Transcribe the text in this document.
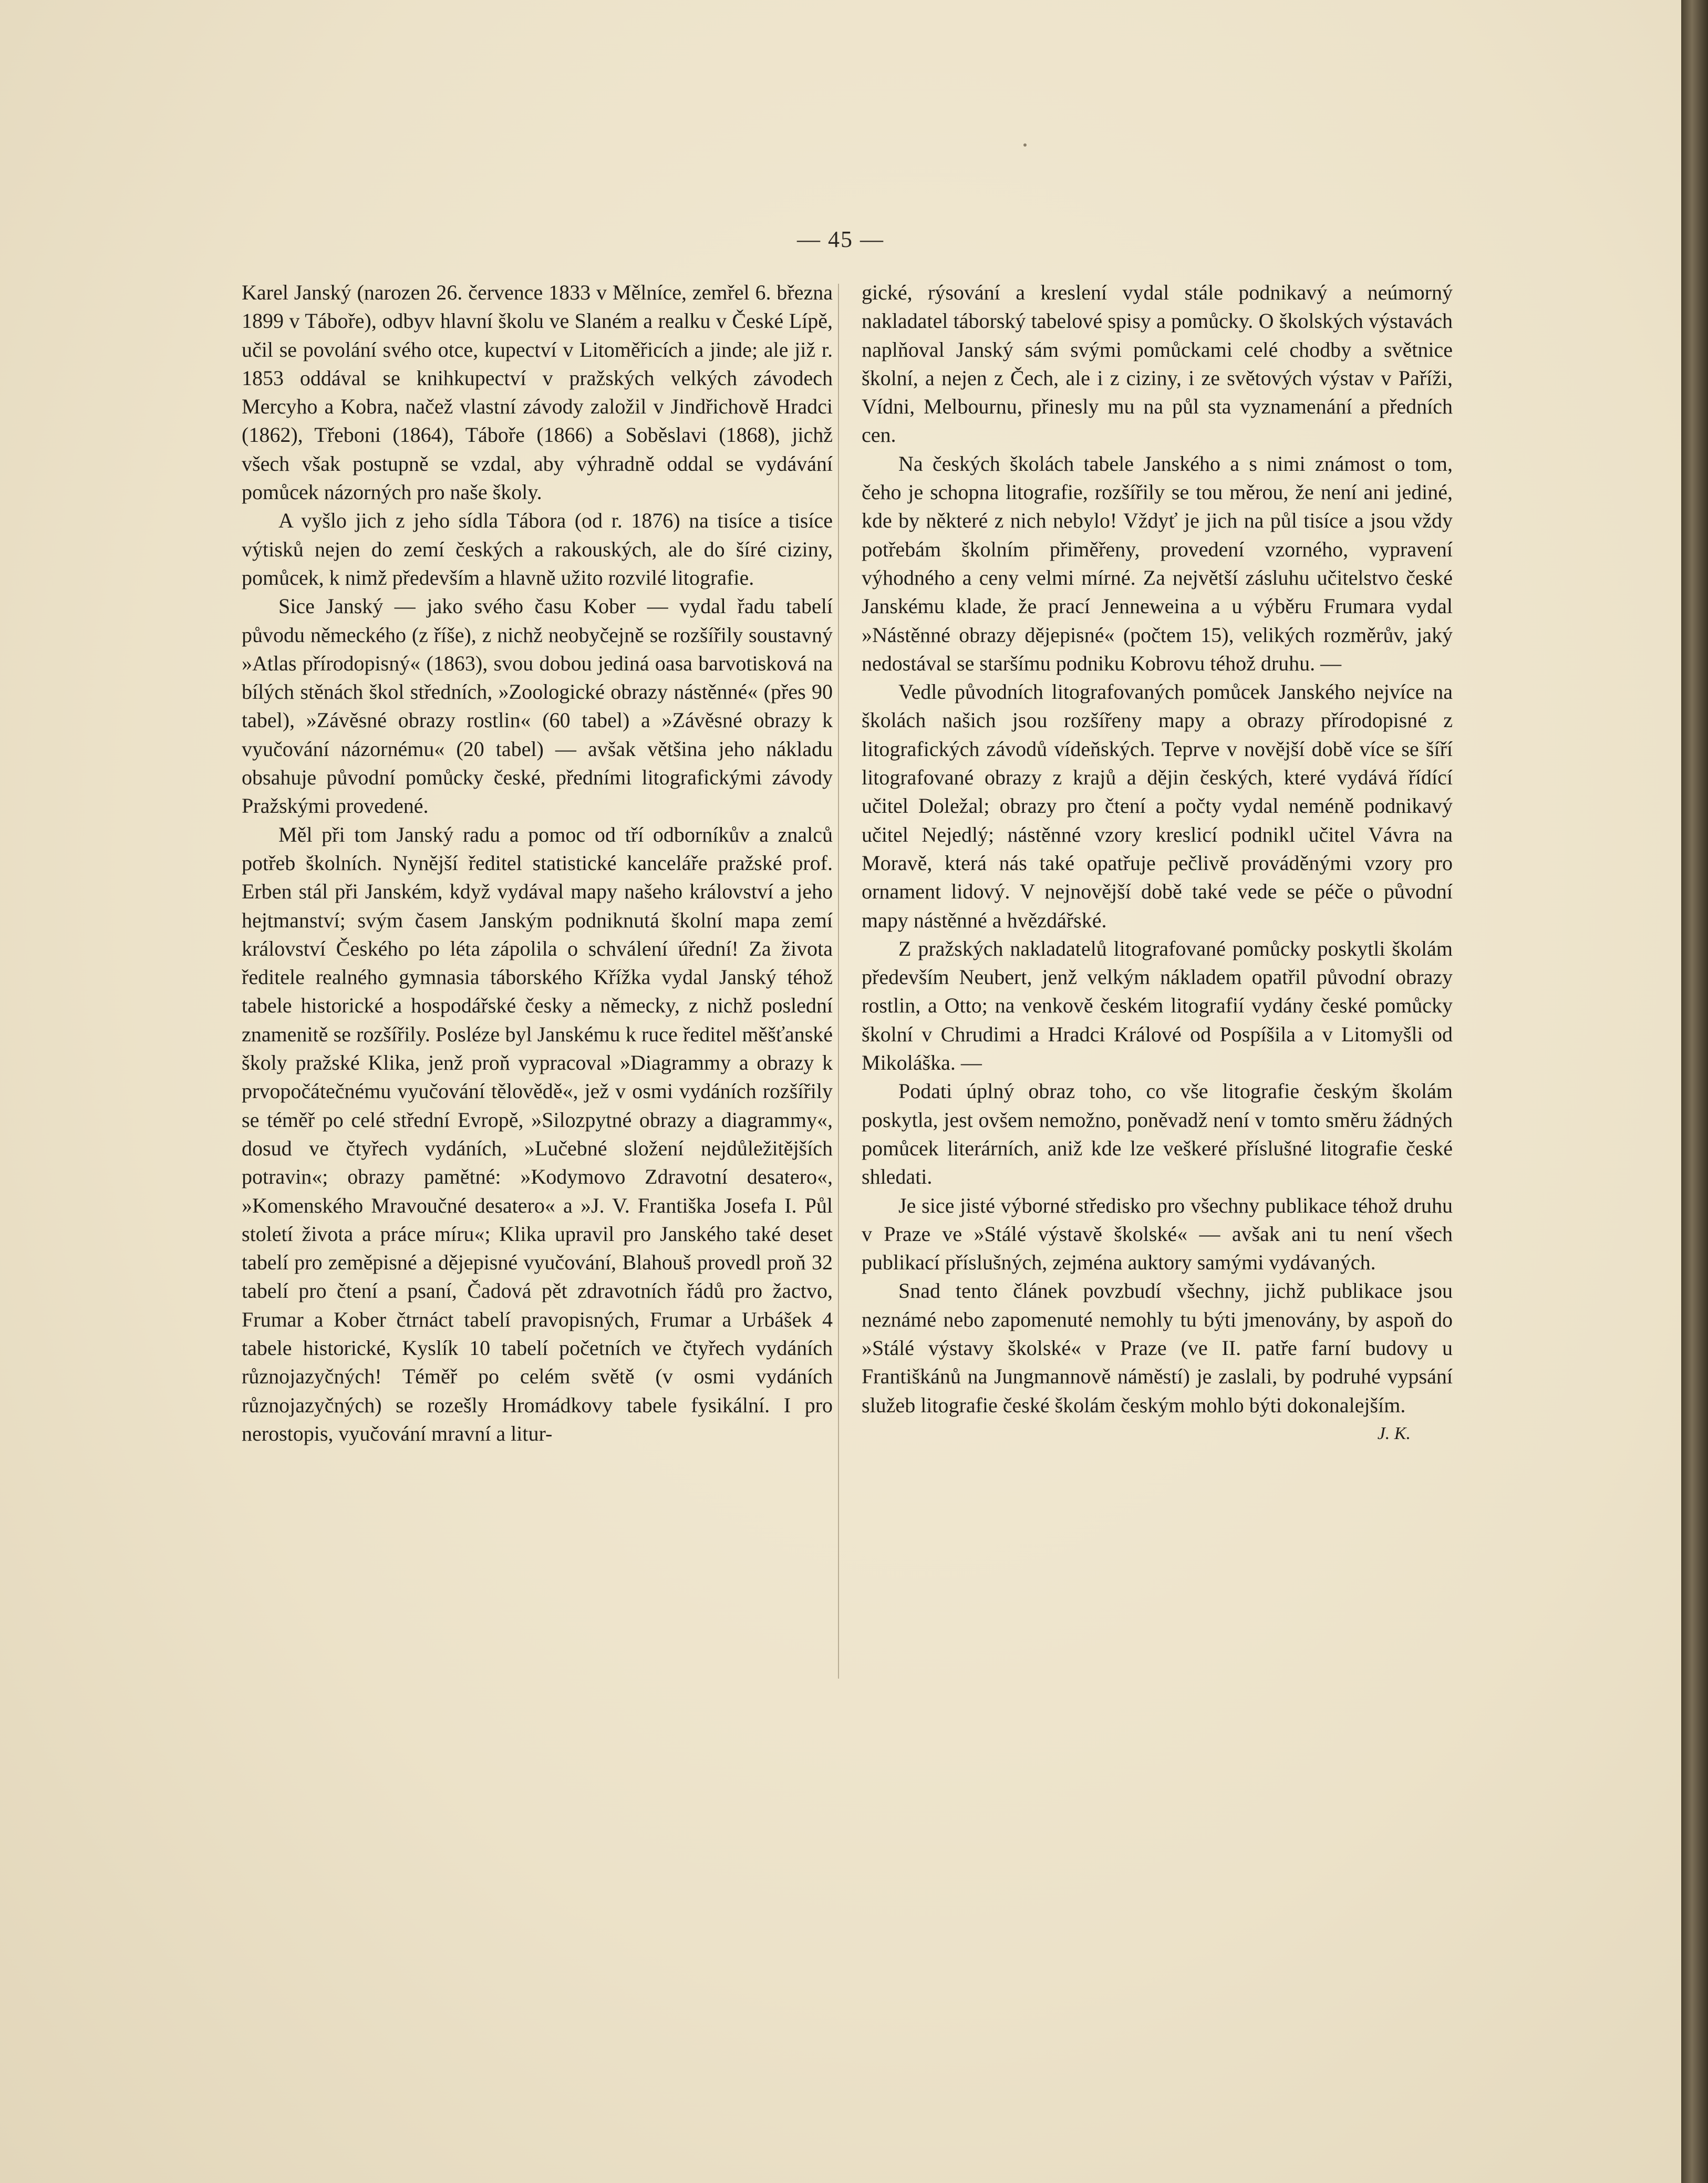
— 45 —

Karel Janský (narozen 26. července 1833 v Mělníce, zemřel 6. března 1899 v Táboře), odbyv hlavní školu ve Slaném a realku v České Lípě, učil se povolání svého otce, kupectví v Litoměřicích a jinde; ale již r. 1853 oddával se knihkupectví v pražských velkých závodech Mercyho a Kobra, načež vlastní závody založil v Jindřichově Hradci (1862), Třeboni (1864), Táboře (1866) a Soběslavi (1868), jichž všech však postupně se vzdal, aby výhradně oddal se vydávání pomůcek názorných pro naše školy.

A vyšlo jich z jeho sídla Tábora (od r. 1876) na tisíce a tisíce výtisků nejen do zemí českých a rakouských, ale do šíré ciziny, pomůcek, k nimž především a hlavně užito rozvilé litografie.

Sice Janský — jako svého času Kober — vydal řadu tabelí původu německého (z říše), z nichž neobyčejně se rozšířily soustavný »Atlas přírodopisný« (1863), svou dobou jediná oasa barvotisková na bílých stěnách škol středních, »Zoologické obrazy nástěnné« (přes 90 tabel), »Závěsné obrazy rostlin« (60 tabel) a »Závěsné obrazy k vyučování názornému« (20 tabel) — avšak většina jeho nákladu obsahuje původní pomůcky české, předními litografickými závody Pražskými provedené.

Měl při tom Janský radu a pomoc od tří odborníkův a znalců potřeb školních. Nynější ředitel statistické kanceláře pražské prof. Erben stál při Janském, když vydával mapy našeho království a jeho hejtmanství; svým časem Janským podniknutá školní mapa zemí království Českého po léta zápolila o schválení úřední! Za života ředitele realného gymnasia táborského Křížka vydal Janský téhož tabele historické a hospodářské česky a německy, z nichž poslední znamenitě se rozšířily. Posléze byl Janskému k ruce ředitel měšťanské školy pražské Klika, jenž proň vypracoval »Diagrammy a obrazy k prvopočátečnému vyučování tělovědě«, jež v osmi vydáních rozšířily se téměř po celé střední Evropě, »Silozpytné obrazy a diagrammy«, dosud ve čtyřech vydáních, »Lučebné složení nejdůležitějších potravin«; obrazy pamětné: »Kodymovo Zdravotní desatero«, »Komenského Mravoučné desatero« a »J. V. Františka Josefa I. Půl století života a práce míru«; Klika upravil pro Janského také deset tabelí pro zeměpisné a dějepisné vyučování, Blahouš provedl proň 32 tabelí pro čtení a psaní, Čadová pět zdravotních řádů pro žactvo, Frumar a Kober čtrnáct tabelí pravopisných, Frumar a Urbášek 4 tabele historické, Kyslík 10 tabelí početních ve čtyřech vydáních různojazyčných! Téměř po celém světě (v osmi vydáních různojazyčných) se rozešly Hromádkovy tabele fysikální. I pro nerostopis, vyučování mravní a litur-

gické, rýsování a kreslení vydal stále podnikavý a neúmorný nakladatel táborský tabelové spisy a pomůcky. O školských výstavách naplňoval Janský sám svými pomůckami celé chodby a světnice školní, a nejen z Čech, ale i z ciziny, i ze světových výstav v Paříži, Vídni, Melbournu, přinesly mu na půl sta vyznamenání a předních cen.

Na českých školách tabele Janského a s nimi známost o tom, čeho je schopna litografie, rozšířily se tou měrou, že není ani jediné, kde by některé z nich nebylo! Vždyť je jich na půl tisíce a jsou vždy potřebám školním přiměřeny, provedení vzorného, vypravení výhodného a ceny velmi mírné. Za největší zásluhu učitelstvo české Janskému klade, že prací Jenneweina a u výběru Frumara vydal »Nástěnné obrazy dějepisné« (počtem 15), velikých rozměrův, jaký nedostával se staršímu podniku Kobrovu téhož druhu. —

Vedle původních litografovaných pomůcek Janského nejvíce na školách našich jsou rozšířeny mapy a obrazy přírodopisné z litografických závodů vídeňských. Teprve v novější době více se šíří litografované obrazy z krajů a dějin českých, které vydává řídící učitel Doležal; obrazy pro čtení a počty vydal neméně podnikavý učitel Nejedlý; nástěnné vzory kreslicí podnikl učitel Vávra na Moravě, která nás také opatřuje pečlivě prováděnými vzory pro ornament lidový. V nejnovější době také vede se péče o původní mapy nástěnné a hvězdářské.

Z pražských nakladatelů litografované pomůcky poskytli školám především Neubert, jenž velkým nákladem opatřil původní obrazy rostlin, a Otto; na venkově českém litografií vydány české pomůcky školní v Chrudimi a Hradci Králové od Pospíšila a v Litomyšli od Mikoláška. —

Podati úplný obraz toho, co vše litografie českým školám poskytla, jest ovšem nemožno, poněvadž není v tomto směru žádných pomůcek literárních, aniž kde lze veškeré příslušné litografie české shledati.

Je sice jisté výborné středisko pro všechny publikace téhož druhu v Praze ve »Stálé výstavě školské« — avšak ani tu není všech publikací příslušných, zejména auktory samými vydávaných.

Snad tento článek povzbudí všechny, jichž publikace jsou neznámé nebo zapomenuté nemohly tu býti jmenovány, by aspoň do »Stálé výstavy školské« v Praze (ve II. patře farní budovy u Františkánů na Jungmannově náměstí) je zaslali, by podruhé vypsání služeb litografie české školám českým mohlo býti dokonalejším.
J. K.
